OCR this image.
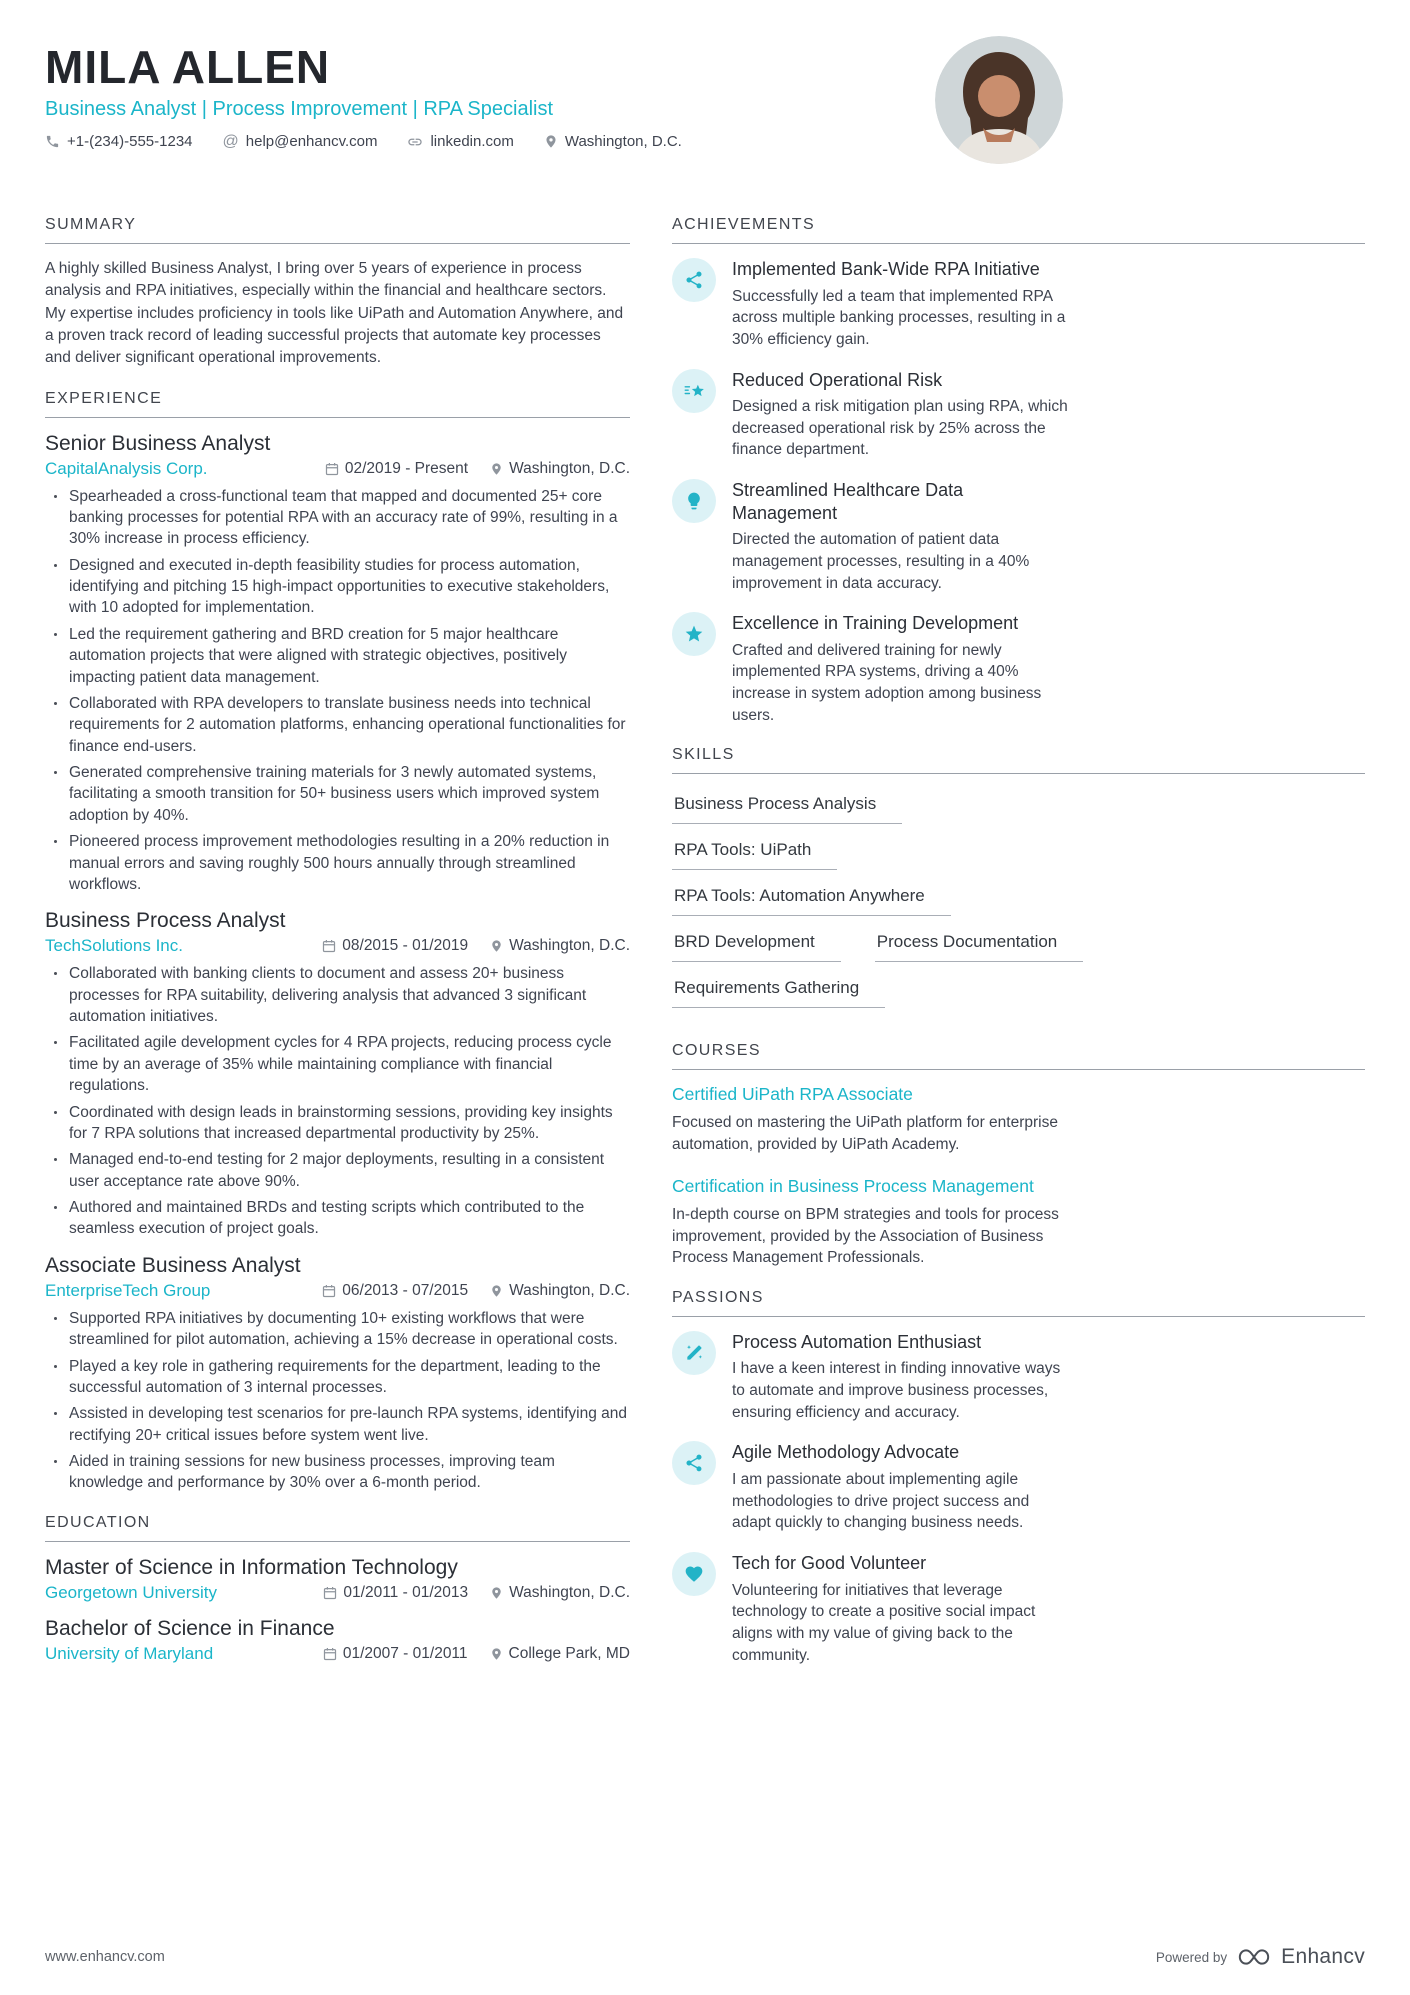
MILA ALLEN
Business Analyst | Process Improvement | RPA Specialist
+1-(234)-555-1234 @ help@enhancv.com	linkedin.com	Washington, D.C.
SUMMARY
A highly skilled Business Analyst, I bring over 5 years of experience in process analysis and RPA initiatives, especially within the financial and healthcare sectors. My expertise includes proficiency in tools like UiPath and Automation Anywhere, and a proven track record of leading successful projects that automate key processes and deliver significant operational improvements.
EXPERIENCE
Senior Business Analyst
CapitalAnalysis Corp.	02/2019 - Present	Washington, D.C.
Spearheaded a cross-functional team that mapped and documented 25+ core banking processes for potential RPA with an accuracy rate of 99%, resulting in a 30% increase in process efficiency.
Designed and executed in-depth feasibility studies for process automation, identifying and pitching 15 high-impact opportunities to executive stakeholders, with 10 adopted for implementation.
Led the requirement gathering and BRD creation for 5 major healthcare automation projects that were aligned with strategic objectives, positively impacting patient data management.
Collaborated with RPA developers to translate business needs into technical requirements for 2 automation platforms, enhancing operational functionalities for finance end-users.
Generated comprehensive training materials for 3 newly automated systems, facilitating a smooth transition for 50+ business users which improved system adoption by 40%.
Pioneered process improvement methodologies resulting in a 20% reduction in manual errors and saving roughly 500 hours annually through streamlined workflows.
Business Process Analyst
TechSolutions Inc.	08/2015 - 01/2019	Washington, D.C.
Collaborated with banking clients to document and assess 20+ business processes for RPA suitability, delivering analysis that advanced 3 significant automation initiatives.
Facilitated agile development cycles for 4 RPA projects, reducing process cycle time by an average of 35% while maintaining compliance with financial regulations.
Coordinated with design leads in brainstorming sessions, providing key insights for 7 RPA solutions that increased departmental productivity by 25%.
Managed end-to-end testing for 2 major deployments, resulting in a consistent user acceptance rate above 90%.
Authored and maintained BRDs and testing scripts which contributed to the seamless execution of project goals.
Associate Business Analyst
EnterpriseTech Group	06/2013 - 07/2015	Washington, D.C.
Supported RPA initiatives by documenting 10+ existing workflows that were streamlined for pilot automation, achieving a 15% decrease in operational costs.
Played a key role in gathering requirements for the department, leading to the successful automation of 3 internal processes.
Assisted in developing test scenarios for pre-launch RPA systems, identifying and rectifying 20+ critical issues before system went live.
Aided in training sessions for new business processes, improving team knowledge and performance by 30% over a 6-month period.
EDUCATION
Master of Science in Information Technology
Georgetown University	01/2011 - 01/2013	Washington, D.C.
Bachelor of Science in Finance
University of Maryland	01/2007 - 01/2011	College Park, MD
ACHIEVEMENTS
Implemented Bank-Wide RPA Initiative
Successfully led a team that implemented RPA across multiple banking processes, resulting in a 30% efficiency gain.
Reduced Operational Risk
Designed a risk mitigation plan using RPA, which decreased operational risk by 25% across the finance department.
Streamlined Healthcare Data Management
Directed the automation of patient data management processes, resulting in a 40% improvement in data accuracy.
Excellence in Training Development
Crafted and delivered training for newly implemented RPA systems, driving a 40% increase in system adoption among business users.
SKILLS
Business Process Analysis
RPA Tools: UiPath
RPA Tools: Automation Anywhere
BRD Development	Process Documentation
Requirements Gathering
COURSES
Certified UiPath RPA Associate
Focused on mastering the UiPath platform for enterprise automation, provided by UiPath Academy.
Certification in Business Process Management
In-depth course on BPM strategies and tools for process improvement, provided by the Association of Business Process Management Professionals.
PASSIONS
Process Automation Enthusiast
I have a keen interest in finding innovative ways to automate and improve business processes, ensuring efficiency and accuracy.
Agile Methodology Advocate
I am passionate about implementing agile methodologies to drive project success and adapt quickly to changing business needs.
Tech for Good Volunteer
Volunteering for initiatives that leverage technology to create a positive social impact aligns with my value of giving back to the community.
www.enhancv.com	Powered by	Enhancv
